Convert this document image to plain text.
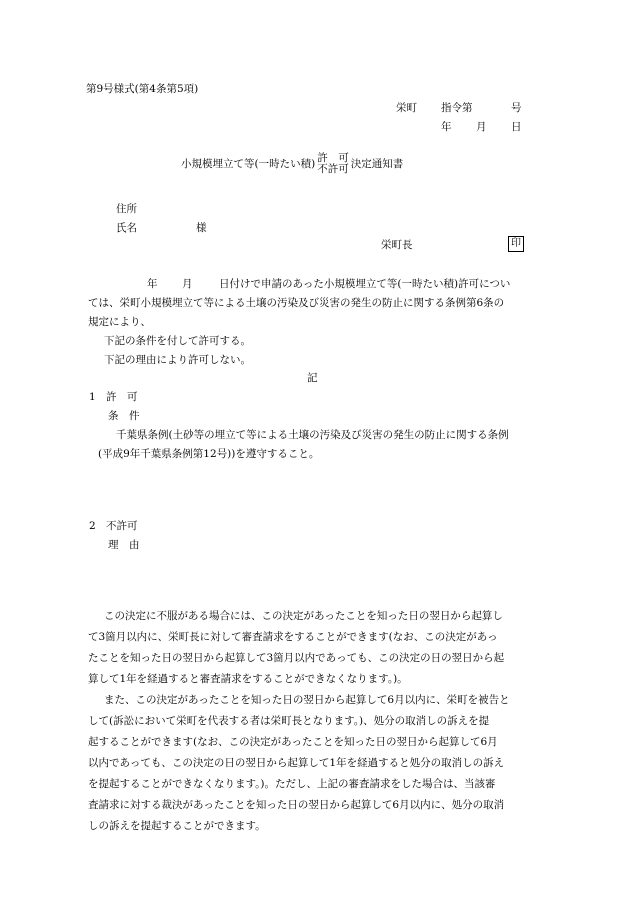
第9号様式(第4条第5項)
栄町 指令第	号
年 月 日
小規模埋立て等(一時たい積) 許　可
不許可 決定通知書
住所
氏名	様
栄町長	印
年 月	日付けで申請のあった小規模埋立て等(一時たい積)許可につい
ては、栄町小規模埋立て等による土壌の汚染及び災害の発生の防止に関する条例第6条の
規定により、
下記の条件を付して許可する。
下記の理由により許可しない。
記
1 許　可
条　件
千葉県条例(土砂等の埋立て等による土壌の汚染及び災害の発生の防止に関する条例
(平成9年千葉県条例第12号))を遵守すること。
2 不許可
理　由
この決定に不服がある場合には、この決定があったことを知った日の翌日から起算し
て3箇月以内に、栄町長に対して審査請求をすることができます(なお、この決定があっ
たことを知った日の翌日から起算して3箇月以内であっても、この決定の日の翌日から起
算して1年を経過すると審査請求をすることができなくなります。)。
また、この決定があったことを知った日の翌日から起算して6月以内に、栄町を被告と
して(訴訟において栄町を代表する者は栄町長となります。)、処分の取消しの訴えを提
起することができます(なお、この決定があったことを知った日の翌日から起算して6月
以内であっても、この決定の日の翌日から起算して1年を経過すると処分の取消しの訴え
を提起することができなくなります。)。ただし、上記の審査請求をした場合は、当該審
査請求に対する裁決があったことを知った日の翌日から起算して6月以内に、処分の取消
しの訴えを提起することができます。
